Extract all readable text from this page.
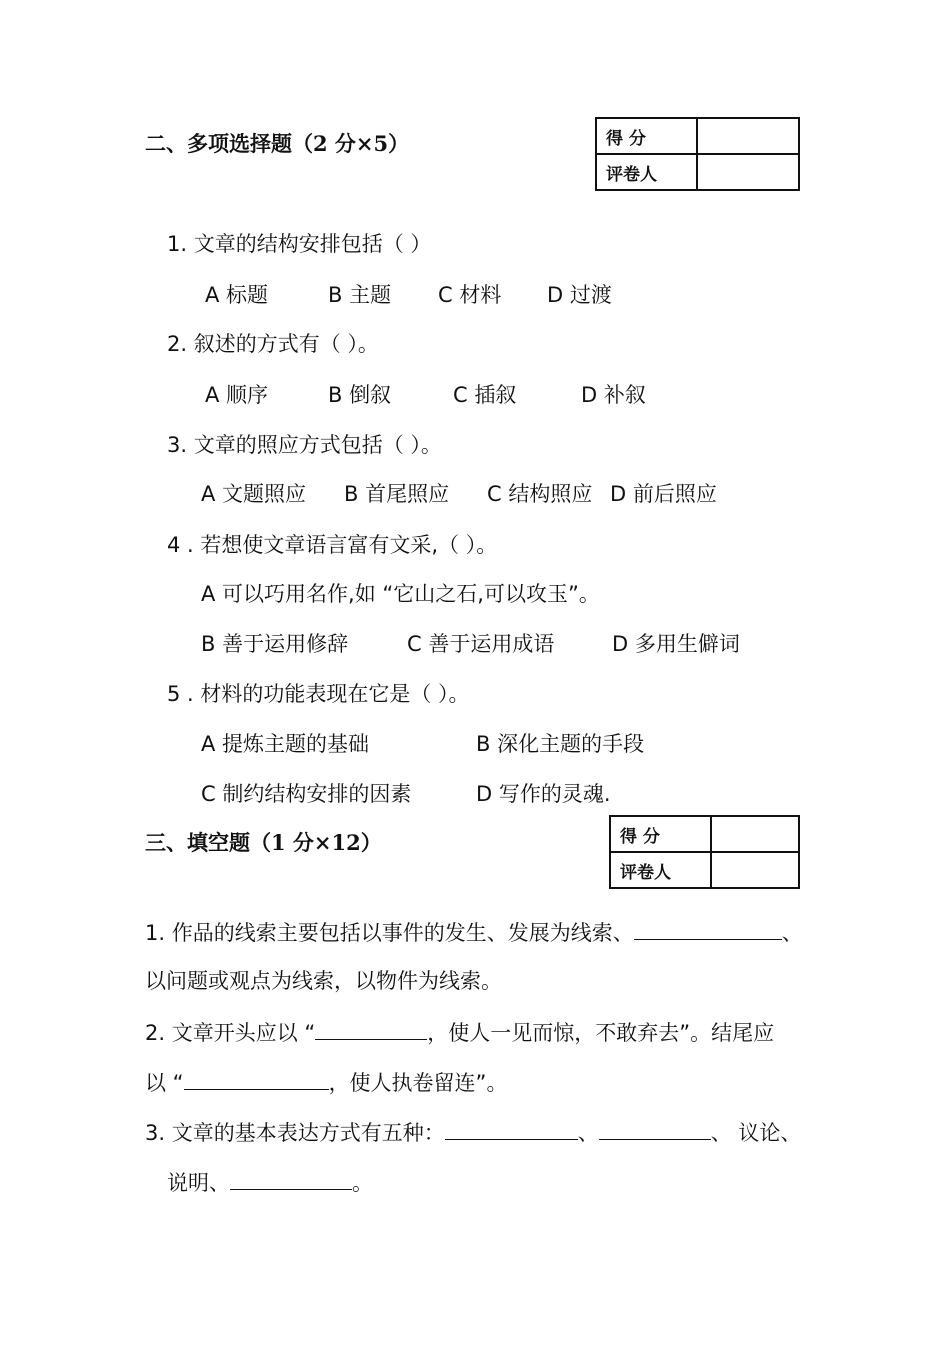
二、多项选择题（2 分×5）	得 分	
评卷人	
1. 文章的结构安排包括（ ）
A 标题	B 主题 C 材料 D 过渡
2. 叙述的方式有（ ）。
A 顺序	B 倒叙	C 插叙	D 补叙
3. 文章的照应方式包括（ ）。
A 文题照应 B 首尾照应 C 结构照应 D 前后照应
4 . 若想使文章语言富有文采,（ ）。
A 可以巧用名作,如 “它山之石,可以攻玉”。
B 善于运用修辞	C 善于运用成语	D 多用生僻词
5 . 材料的功能表现在它是（ ）。
A 提炼主题的基础	B 深化主题的手段
C 制约结构安排的因素	D 写作的灵魂.
三、填空题（1 分×12）	得 分	
评卷人	
1. 作品的线索主要包括以事件的发生、发展为线索、	、
以问题或观点为线索，以物件为线索。
2. 文章开头应以 “	，使人一见而惊，不敢弃去”。结尾应
以 “	，使人执卷留连”。
3. 文章的基本表达方式有五种：	、	、 议论、
说明、	。
